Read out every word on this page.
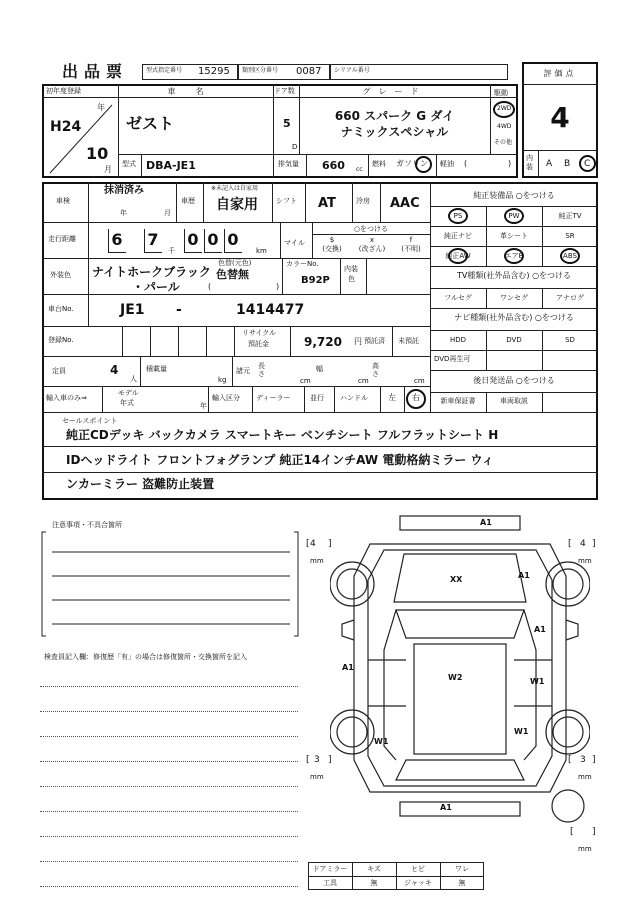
出品票	型式指定番号 15295 類別区分番号 0087 シリアル番号	評価点
4
内装	A B C
初年度登録
年
H24
10
月
車名
ゼスト
ドア数
5
D
グレード
660 スパーク G ダイ
ナミックスペシャル
駆動
2WD
4WD
その他
型式 DBA-JE1	排気量 660 cc
燃料 ガソリン 軽油 (	)
車検
抹消済み
年	月
車歴
※未記入は自家用
自家用	シフト AT	冷房 AAC
走行距離
千	km
マイル
○をつける
$
(交換)
x
(改ざん)
f
(不明)
外装色 ナイトホークブラック
・パール
色替(元色)
色替無
(	)
カラーNo.
B92P
内装
色
車台No.	JE1 -	1414477
登録No.
リサイクル
預託金	9,720 円 預託済 未預託
定員	4
人
積載量
kg
諸元
長さ
cm
幅
cm
高さ
cm
輸入車のみ⇒
モデル
年式	年
輸入区分 ディーラー	並行 ハンドル	左 右
純正装備品 ○をつける
TV種類(社外品含む) ○をつける
ナビ種類(社外品含む) ○をつける
DVD再生可
後日発送品 ○をつける
新車保証書	車両取説
セールスポイント
純正CDデッキ バックカメラ スマートキー ベンチシート フルフラットシート H
IDヘッドライト フロントフォグランプ 純正14インチAW 電動格納ミラー ウィ
ンカーミラー 盗難防止装置
注意事項・不具合箇所
検査員記入欄：修復歴「有」の場合は修復箇所・交換箇所を記入
4
[ ]
mm
[ 4 ]
mm
[ 3 ]
mm
[ 3 ]
mm
[ ]
mm
A1
XX	A1
A1
A1
W2	W1
W1
W1
A1
ドアミラー	キズ	ヒビ	ワレ
工具	無	ジャッキ	無
6 7 0 0 0
PS	PW	純正TV
純正ナビ	革シート	SR
純正AW	エアB	ABS
フルセグ	ワンセグ	アナログ
HDD	DVD	SD
